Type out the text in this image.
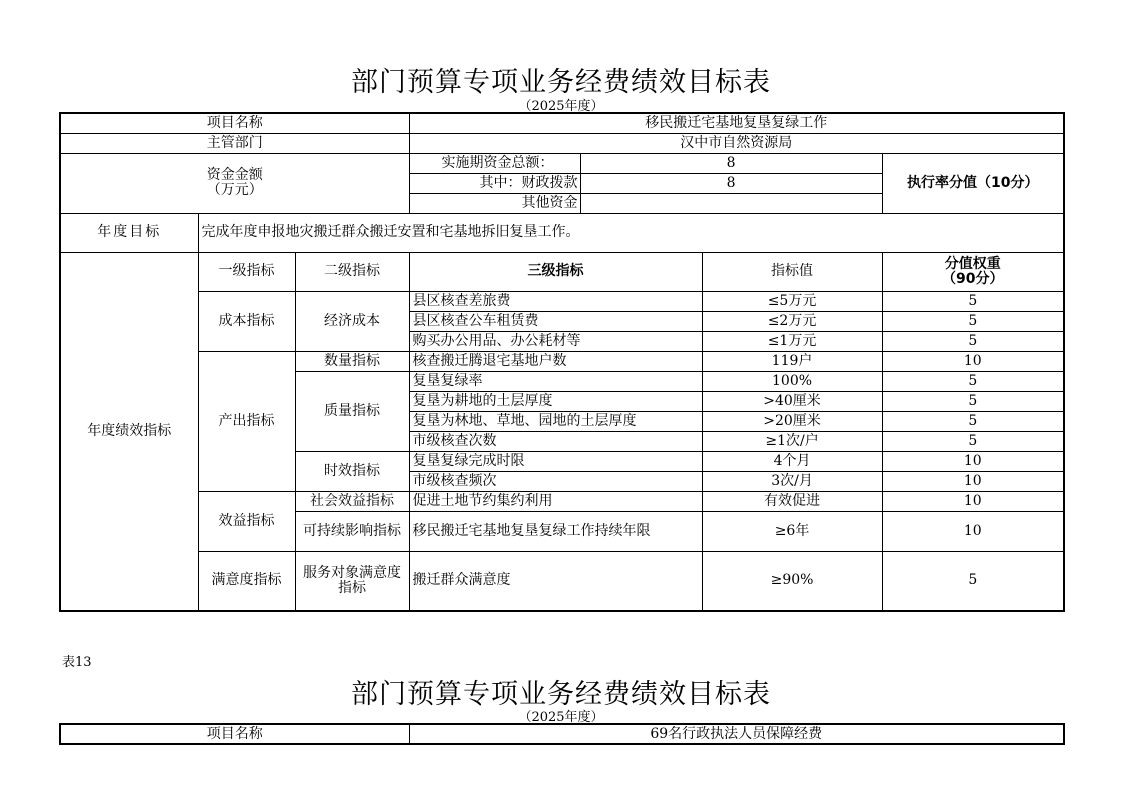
部门预算专项业务经费绩效目标表
（2025年度）
项目名称			移民搬迁宅基地复垦复绿工作			
主管部门			汉中市自然资源局			

资金金额
（万元）			实施期资金总额：	8		执行率分值（10分）
			其中：财政拨款	8		
			其他资金			
年度目标	完成年度申报地灾搬迁群众搬迁安置和宅基地拆旧复垦工作。					
年度绩效指标	一级指标	二级指标	三级指标		指标值	分值权重
（90分）

	成本指标	经济成本	县区核查差旅费		≤5万元	5
			县区核查公车租赁费		≤2万元	5
			购买办公用品、办公耗材等		≤1万元	5
	产出指标	数量指标	核查搬迁腾退宅基地户数		119户	10
		质量指标	复垦复绿率		100%	5
			复垦为耕地的土层厚度		>40厘米	5
			复垦为林地、草地、园地的土层厚度		>20厘米	5
			市级核查次数		≥1次/户	5
		时效指标	复垦复绿完成时限		4个月	10
			市级核查频次		3次/月	10
	效益指标	社会效益指标	促进土地节约集约利用		有效促进	10
		可持续影响指标	移民搬迁宅基地复垦复绿工作持续年限		≥6年	10
	满意度指标	服务对象满意度指标	搬迁群众满意度		≥90%	5
表13
部门预算专项业务经费绩效目标表
（2025年度）
项目名称	69名行政执法人员保障经费
